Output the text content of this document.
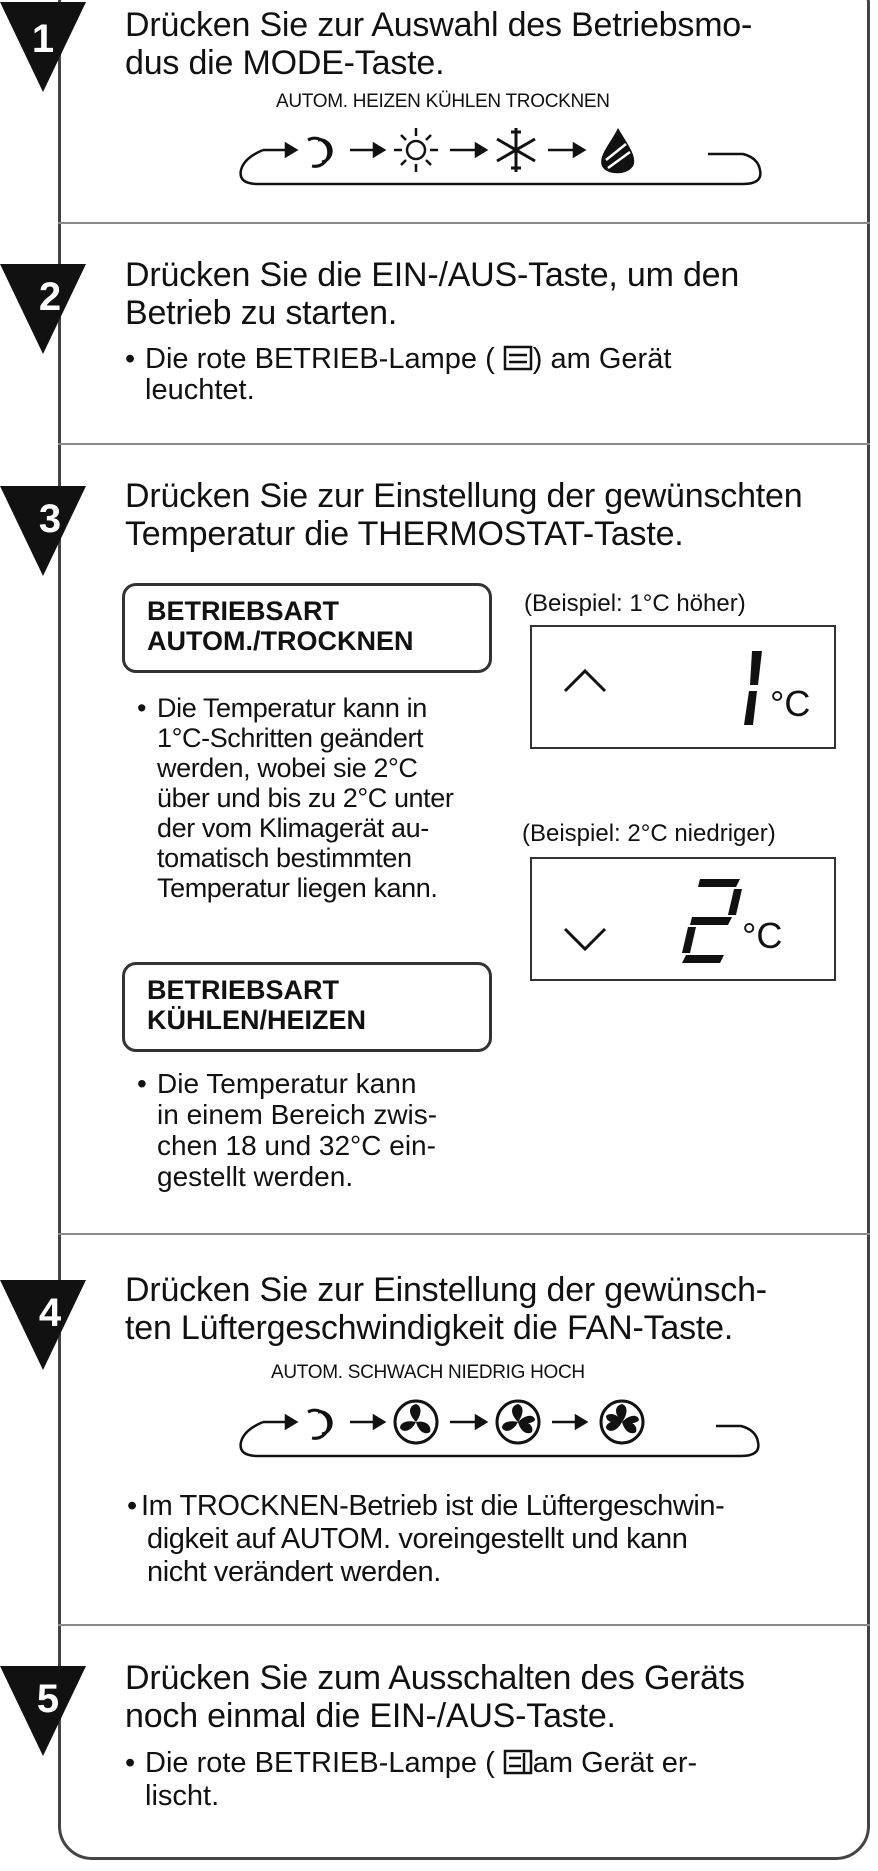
1
2
3
4
5
Drücken Sie zur Auswahl des Betriebsmo-
dus die MODE-Taste.
AUTOM. HEIZEN KÜHLEN TROCKNEN
Drücken Sie die EIN-/AUS-Taste, um den
Betrieb zu starten.
• Die rote BETRIEB-Lampe ( ) am Gerät
leuchtet.
Drücken Sie zur Einstellung der gewünschten
Temperatur die THERMOSTAT-Taste.
BETRIEBSART
AUTOM./TROCKNEN
• Die Temperatur kann in
1°C-Schritten geändert
werden, wobei sie 2°C
über und bis zu 2°C unter
der vom Klimagerät au-
tomatisch bestimmten
Temperatur liegen kann.
BETRIEBSART
KÜHLEN/HEIZEN
• Die Temperatur kann
in einem Bereich zwis-
chen 18 und 32°C ein-
gestellt werden.
(Beispiel: 1°C höher)
°C
(Beispiel: 2°C niedriger)
°C
Drücken Sie zur Einstellung der gewünsch-
ten Lüftergeschwindigkeit die FAN-Taste.
AUTOM. SCHWACH NIEDRIG HOCH
• Im TROCKNEN-Betrieb ist die Lüftergeschwin-
digkeit auf AUTOM. voreingestellt und kann
nicht verändert werden.
Drücken Sie zum Ausschalten des Geräts
noch einmal die EIN-/AUS-Taste.
• Die rote BETRIEB-Lampe ( am Gerät er-
lischt.
